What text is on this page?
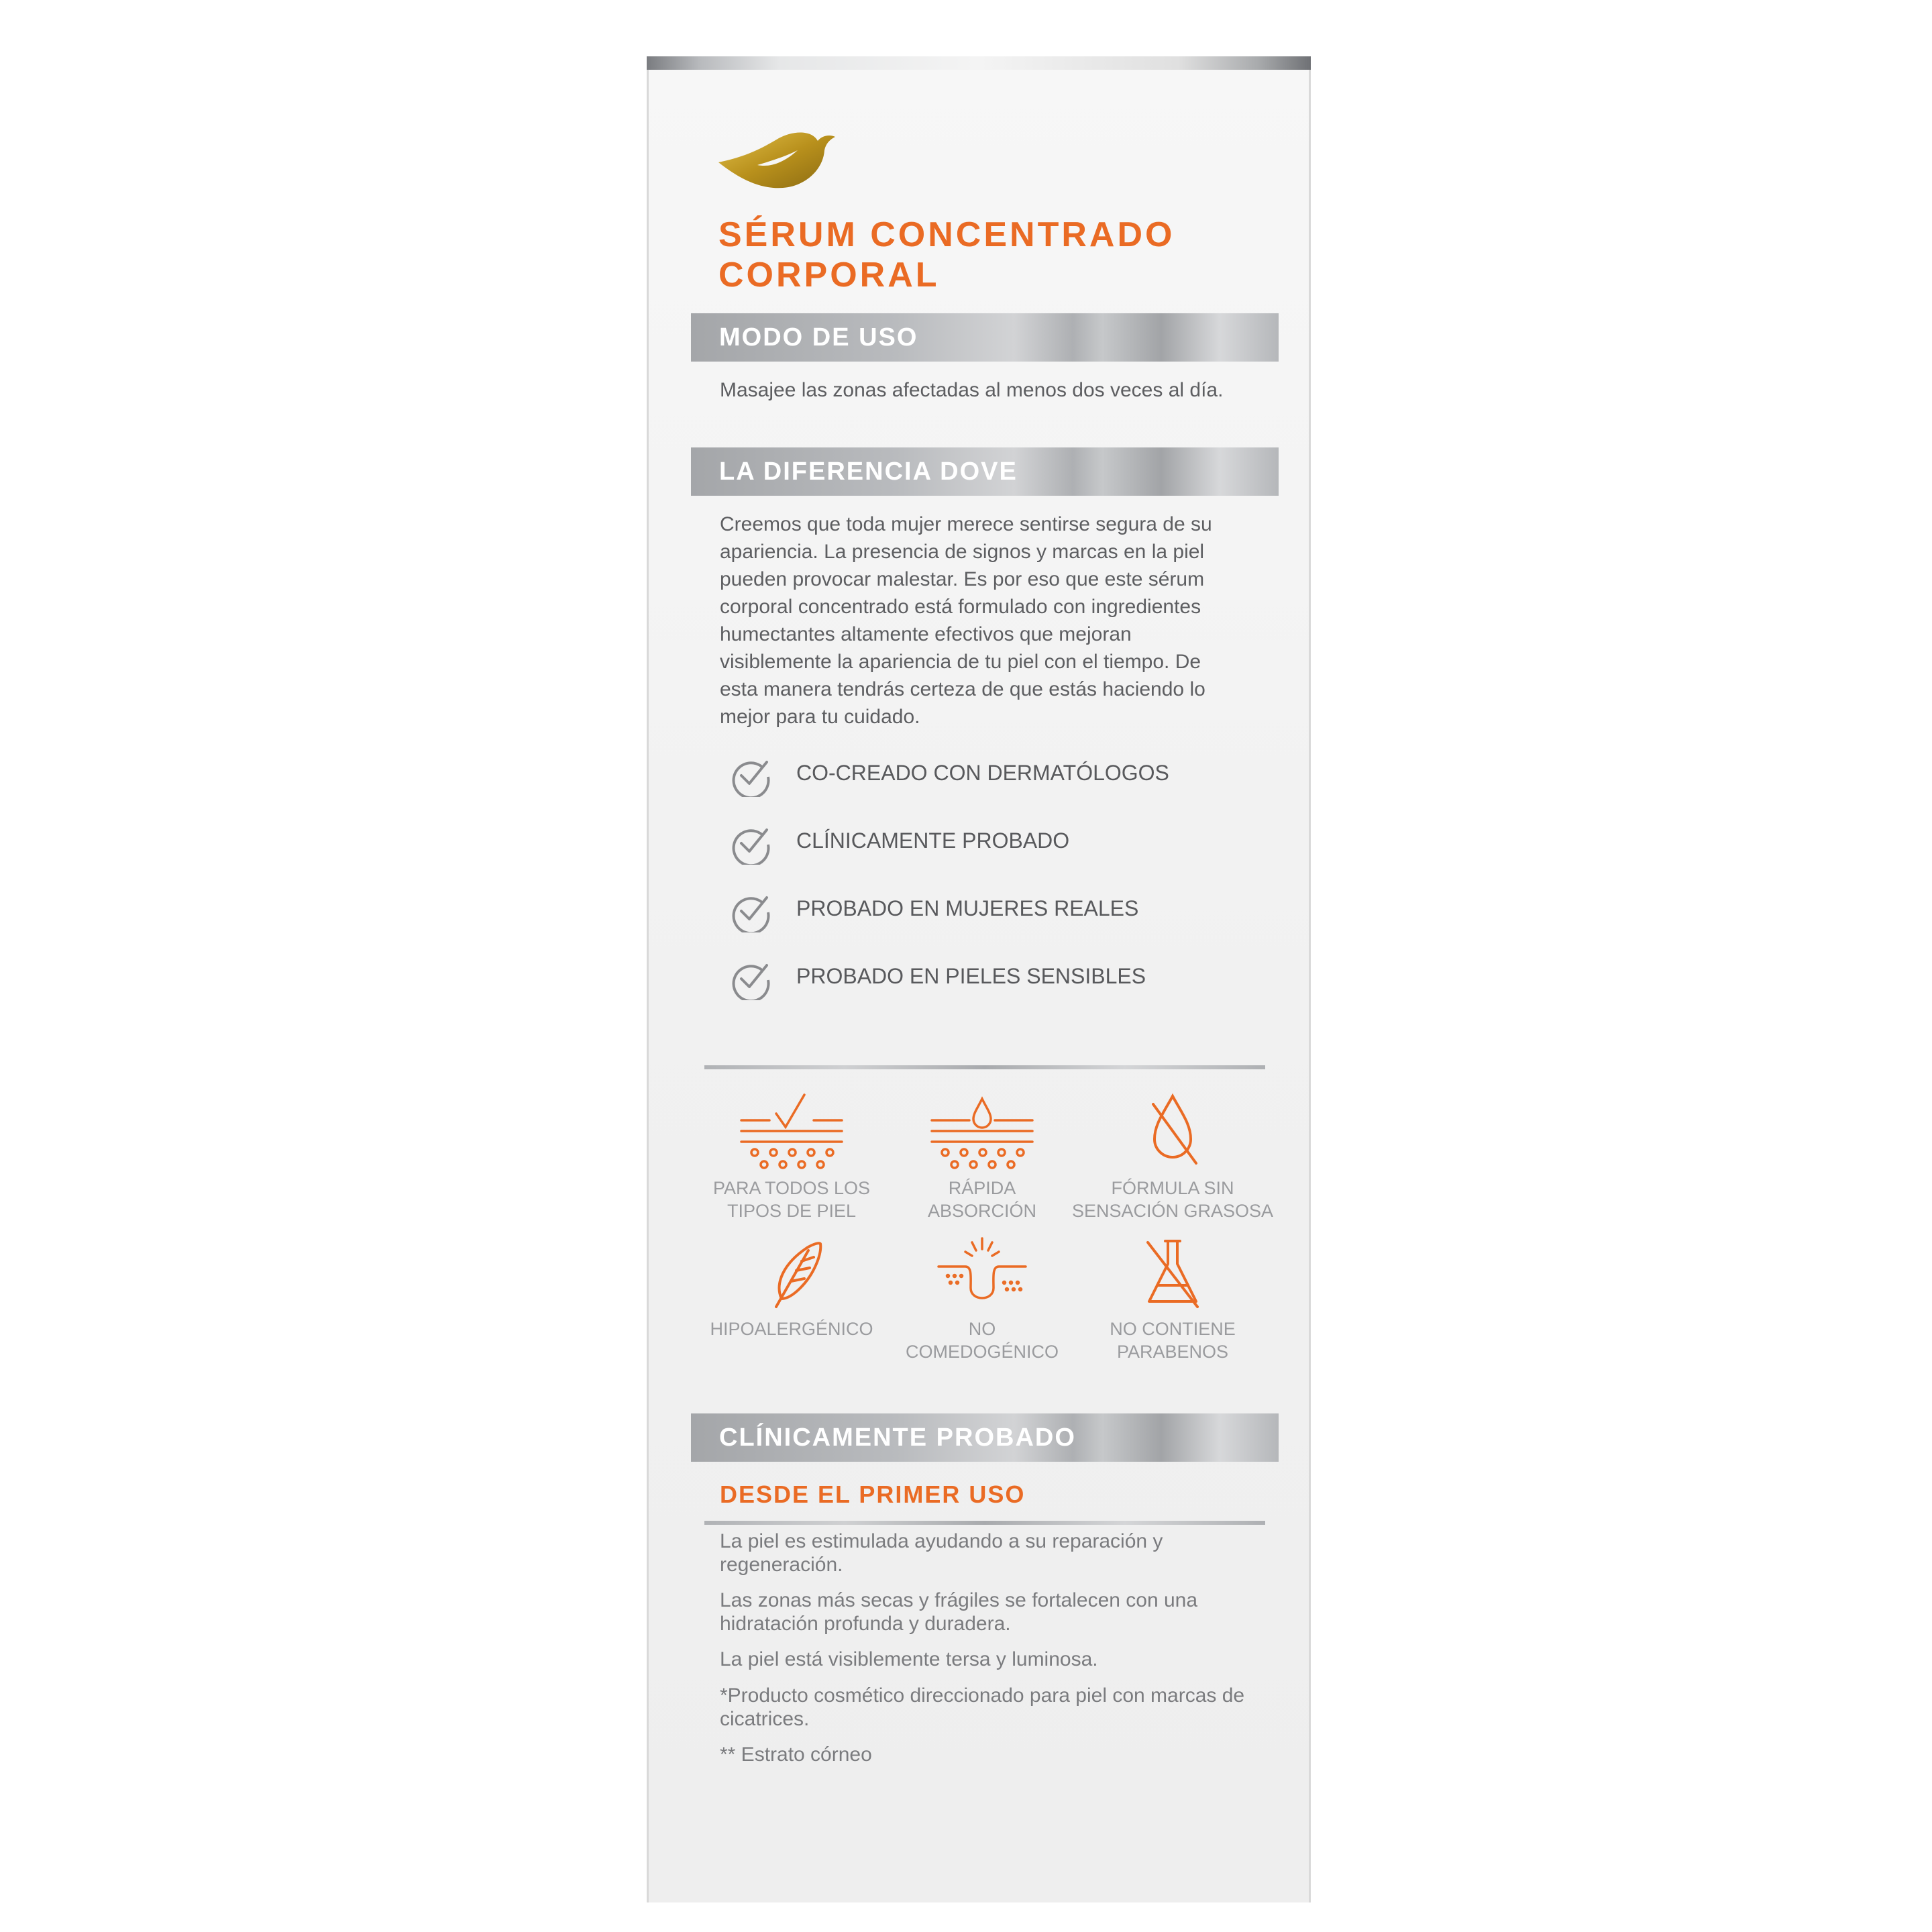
SÉRUM CONCENTRADO
CORPORAL
MODO DE USO

Masajee las zonas afectadas al menos dos veces al día.

LA DIFERENCIA DOVE

Creemos que toda mujer merece sentirse segura de su apariencia. La presencia de signos y marcas en la piel pueden provocar malestar. Es por eso que este sérum corporal concentrado está formulado con ingredientes humectantes altamente efectivos que mejoran visiblemente la apariencia de tu piel con el tiempo. De esta manera tendrás certeza de que estás haciendo lo mejor para tu cuidado.

CO-CREADO CON DERMATÓLOGOS
CLÍNICAMENTE PROBADO
PROBADO EN MUJERES REALES
PROBADO EN PIELES SENSIBLES
PARA TODOS LOS
TIPOS DE PIEL
RÁPIDA
ABSORCIÓN
FÓRMULA SIN
SENSACIÓN GRASOSA
HIPOALERGÉNICO	NO
COMEDOGÉNICO
NO CONTIENE
PARABENOS
CLÍNICAMENTE PROBADO
DESDE EL PRIMER USO

La piel es estimulada ayudando a su reparación y regeneración.

Las zonas más secas y frágiles se fortalecen con una hidratación profunda y duradera.

La piel está visiblemente tersa y luminosa.

*Producto cosmético direccionado para piel con marcas de cicatrices.

** Estrato córneo
